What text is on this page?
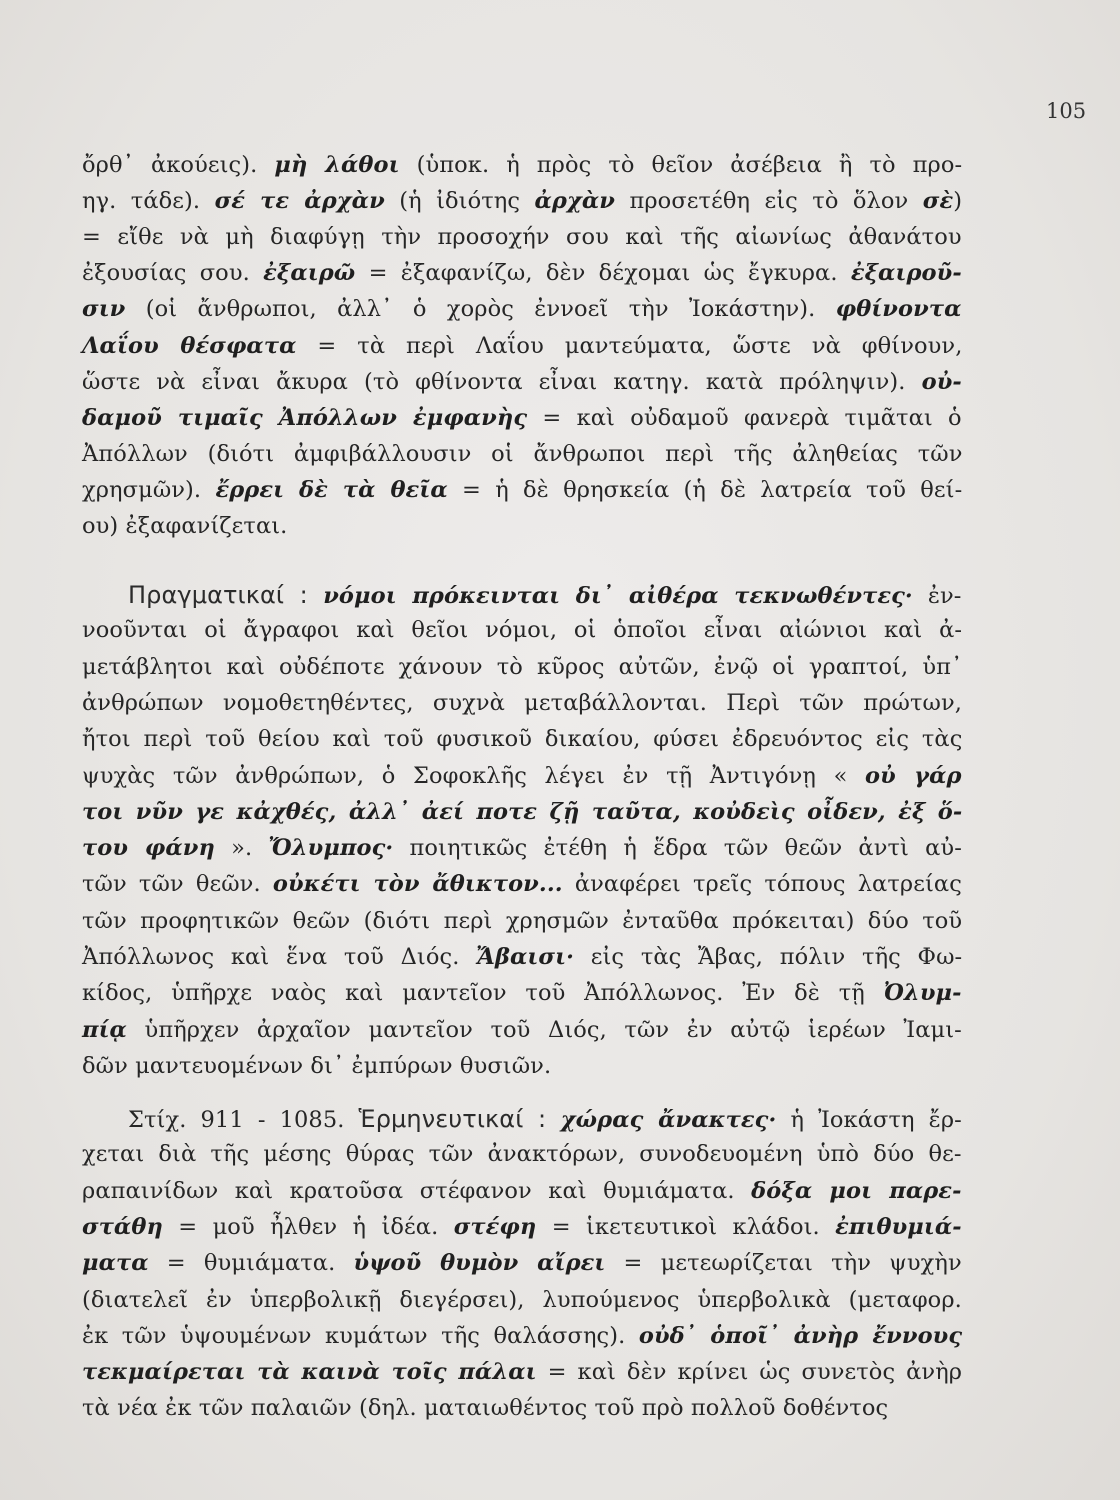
105
ὄρθ᾽ ἀκούεις). μὴ λάθοι (ὑποκ. ἡ πρὸς τὸ θεῖον ἀσέβεια ἢ τὸ προ-
ηγ. τάδε). σέ τε ἀρχὰν (ἡ ἰδιότης ἀρχὰν προσετέθη εἰς τὸ ὅλον σὲ)
= εἴθε νὰ μὴ διαφύγῃ τὴν προσοχήν σου καὶ τῆς αἰωνίως ἀθανάτου
ἐξουσίας σου. ἐξαιρῶ = ἐξαφανίζω, δὲν δέχομαι ὡς ἔγκυρα. ἐξαιροῦ-
σιν (οἱ ἄνθρωποι, ἀλλ᾽ ὁ χορὸς ἐννοεῖ τὴν Ἰοκάστην). φθίνοντα
Λαΐου θέσφατα = τὰ περὶ Λαΐου μαντεύματα, ὥστε νὰ φθίνουν,
ὥστε νὰ εἶναι ἄκυρα (τὸ φθίνοντα εἶναι κατηγ. κατὰ πρόληψιν). οὐ-
δαμοῦ τιμαῖς Ἀπόλλων ἐμφανὴς = καὶ οὐδαμοῦ φανερὰ τιμᾶται ὁ
Ἀπόλλων (διότι ἀμφιβάλλουσιν οἱ ἄνθρωποι περὶ τῆς ἀληθείας τῶν
χρησμῶν). ἔρρει δὲ τὰ θεῖα = ἡ δὲ θρησκεία (ἡ δὲ λατρεία τοῦ θεί-
ου) ἐξαφανίζεται.
Πραγματικαί : νόμοι πρόκεινται δι᾽ αἰθέρα τεκνωθέντες· ἐν-
νοοῦνται οἱ ἄγραφοι καὶ θεῖοι νόμοι, οἱ ὁποῖοι εἶναι αἰώνιοι καὶ ἀ-
μετάβλητοι καὶ οὐδέποτε χάνουν τὸ κῦρος αὐτῶν, ἐνῷ οἱ γραπτοί, ὑπ᾽
ἀνθρώπων νομοθετηθέντες, συχνὰ μεταβάλλονται. Περὶ τῶν πρώτων,
ἤτοι περὶ τοῦ θείου καὶ τοῦ φυσικοῦ δικαίου, φύσει ἐδρευόντος εἰς τὰς
ψυχὰς τῶν ἀνθρώπων, ὁ Σοφοκλῆς λέγει ἐν τῇ Ἀντιγόνῃ « οὐ γάρ
τοι νῦν γε κἀχθές, ἀλλ᾽ ἀεί ποτε ζῇ ταῦτα, κοὐδεὶς οἶδεν, ἐξ ὅ-
του φάνη ». Ὄλυμπος· ποιητικῶς ἐτέθη ἡ ἕδρα τῶν θεῶν ἀντὶ αὐ-
τῶν τῶν θεῶν. οὐκέτι τὸν ἄθικτον... ἀναφέρει τρεῖς τόπους λατρείας
τῶν προφητικῶν θεῶν (διότι περὶ χρησμῶν ἐνταῦθα πρόκειται) δύο τοῦ
Ἀπόλλωνος καὶ ἕνα τοῦ Διός. Ἄβαισι· εἰς τὰς Ἄβας, πόλιν τῆς Φω-
κίδος, ὑπῆρχε ναὸς καὶ μαντεῖον τοῦ Ἀπόλλωνος. Ἐν δὲ τῇ Ὀλυμ-
πίᾳ ὑπῆρχεν ἀρχαῖον μαντεῖον τοῦ Διός, τῶν ἐν αὐτῷ ἱερέων Ἰαμι-
δῶν μαντευομένων δι᾽ ἐμπύρων θυσιῶν.
Στίχ. 911 - 1085. Ἑρμηνευτικαί : χώρας ἄνακτες· ἡ Ἰοκάστη ἔρ-
χεται διὰ τῆς μέσης θύρας τῶν ἀνακτόρων, συνοδευομένη ὑπὸ δύο θε-
ραπαινίδων καὶ κρατοῦσα στέφανον καὶ θυμιάματα. δόξα μοι παρε-
στάθη = μοῦ ἦλθεν ἡ ἰδέα. στέφη = ἱκετευτικοὶ κλάδοι. ἐπιθυμιά-
ματα = θυμιάματα. ὑψοῦ θυμὸν αἴρει = μετεωρίζεται τὴν ψυχὴν
(διατελεῖ ἐν ὑπερβολικῇ διεγέρσει), λυπούμενος ὑπερβολικὰ (μεταφορ.
ἐκ τῶν ὑψουμένων κυμάτων τῆς θαλάσσης). οὐδ᾽ ὁποῖ᾽ ἀνὴρ ἔννους
τεκμαίρεται τὰ καινὰ τοῖς πάλαι = καὶ δὲν κρίνει ὡς συνετὸς ἀνὴρ
τὰ νέα ἐκ τῶν παλαιῶν (δηλ. ματαιωθέντος τοῦ πρὸ πολλοῦ δοθέντος
